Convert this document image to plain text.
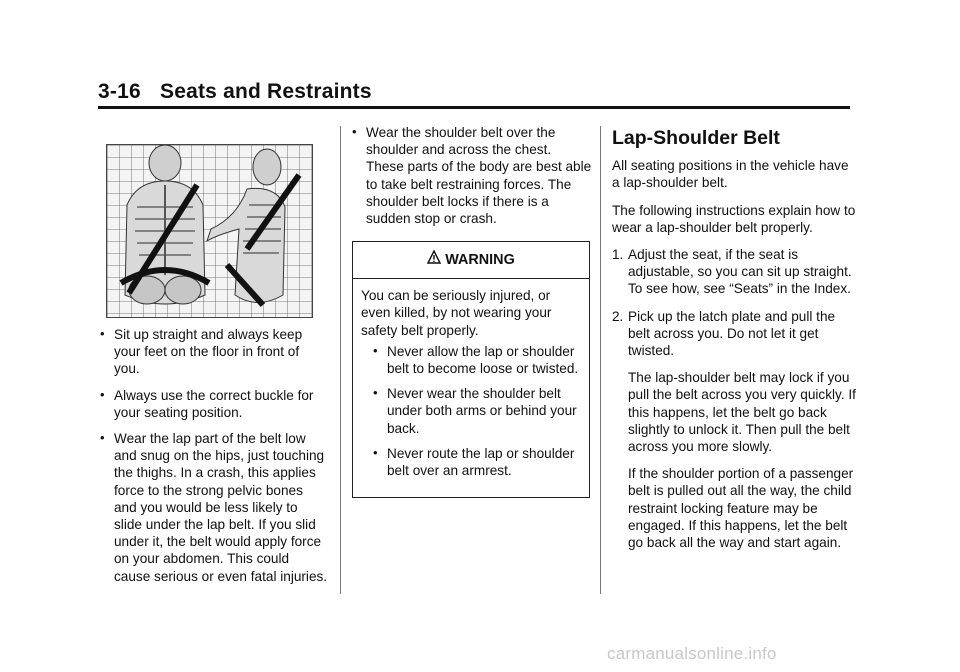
3-16 Seats and Restraints
• Sit up straight and always keep your feet on the floor in front of you.
• Always use the correct buckle for your seating position.
• Wear the lap part of the belt low and snug on the hips, just touching the thighs. In a crash, this applies force to the strong pelvic bones and you would be less likely to slide under the lap belt. If you slid under it, the belt would apply force on your abdomen. This could cause serious or even fatal injuries.
• Wear the shoulder belt over the shoulder and across the chest. These parts of the body are best able to take belt restraining forces. The shoulder belt locks if there is a sudden stop or crash.
WARNING

You can be seriously injured, or even killed, by not wearing your safety belt properly.

• Never allow the lap or shoulder belt to become loose or twisted.
• Never wear the shoulder belt under both arms or behind your back.
• Never route the lap or shoulder belt over an armrest.
Lap-Shoulder Belt

All seating positions in the vehicle have a lap-shoulder belt.

The following instructions explain how to wear a lap-shoulder belt properly.

1. Adjust the seat, if the seat is adjustable, so you can sit up straight. To see how, see “Seats” in the Index.
2. Pick up the latch plate and pull the belt across you. Do not let it get twisted.

The lap-shoulder belt may lock if you pull the belt across you very quickly. If this happens, let the belt go back slightly to unlock it. Then pull the belt across you more slowly.

If the shoulder portion of a passenger belt is pulled out all the way, the child restraint locking feature may be engaged. If this happens, let the belt go back all the way and start again.

carmanualsonline.info
